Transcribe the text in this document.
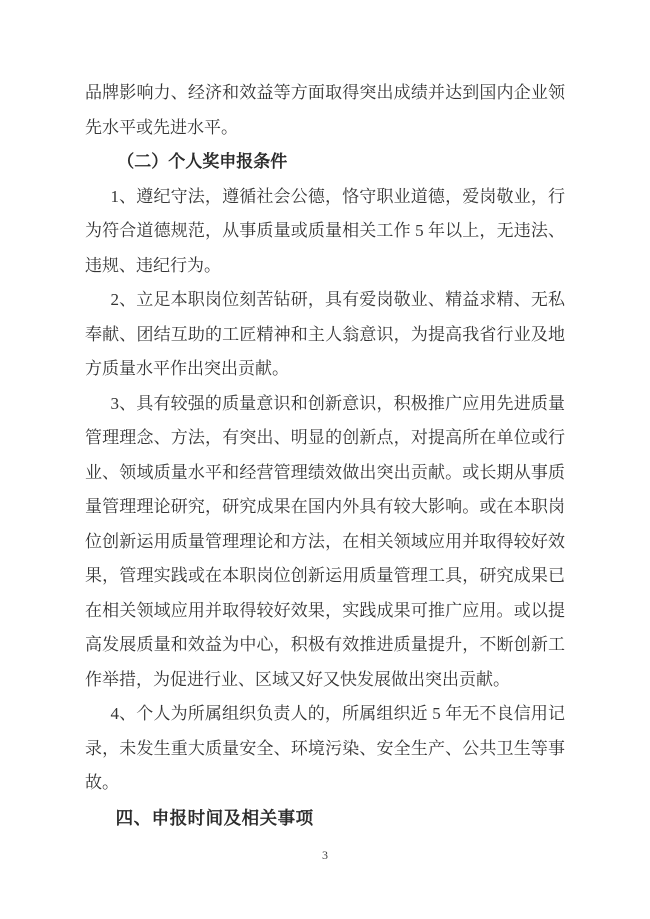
品牌影响力、经济和效益等方面取得突出成绩并达到国内企业领先水平或先进水平。

（二）个人奖申报条件

1、遵纪守法，遵循社会公德，恪守职业道德，爱岗敬业，行为符合道德规范，从事质量或质量相关工作 5 年以上，无违法、违规、违纪行为。

2、立足本职岗位刻苦钻研，具有爱岗敬业、精益求精、无私奉献、团结互助的工匠精神和主人翁意识，为提高我省行业及地方质量水平作出突出贡献。

3、具有较强的质量意识和创新意识，积极推广应用先进质量管理理念、方法，有突出、明显的创新点，对提高所在单位或行业、领域质量水平和经营管理绩效做出突出贡献。或长期从事质量管理理论研究，研究成果在国内外具有较大影响。或在本职岗位创新运用质量管理理论和方法，在相关领域应用并取得较好效果，管理实践或在本职岗位创新运用质量管理工具，研究成果已在相关领域应用并取得较好效果，实践成果可推广应用。或以提高发展质量和效益为中心，积极有效推进质量提升，不断创新工作举措，为促进行业、区域又好又快发展做出突出贡献。

4、个人为所属组织负责人的，所属组织近 5 年无不良信用记录，未发生重大质量安全、环境污染、安全生产、公共卫生等事故。

四、申报时间及相关事项
3
